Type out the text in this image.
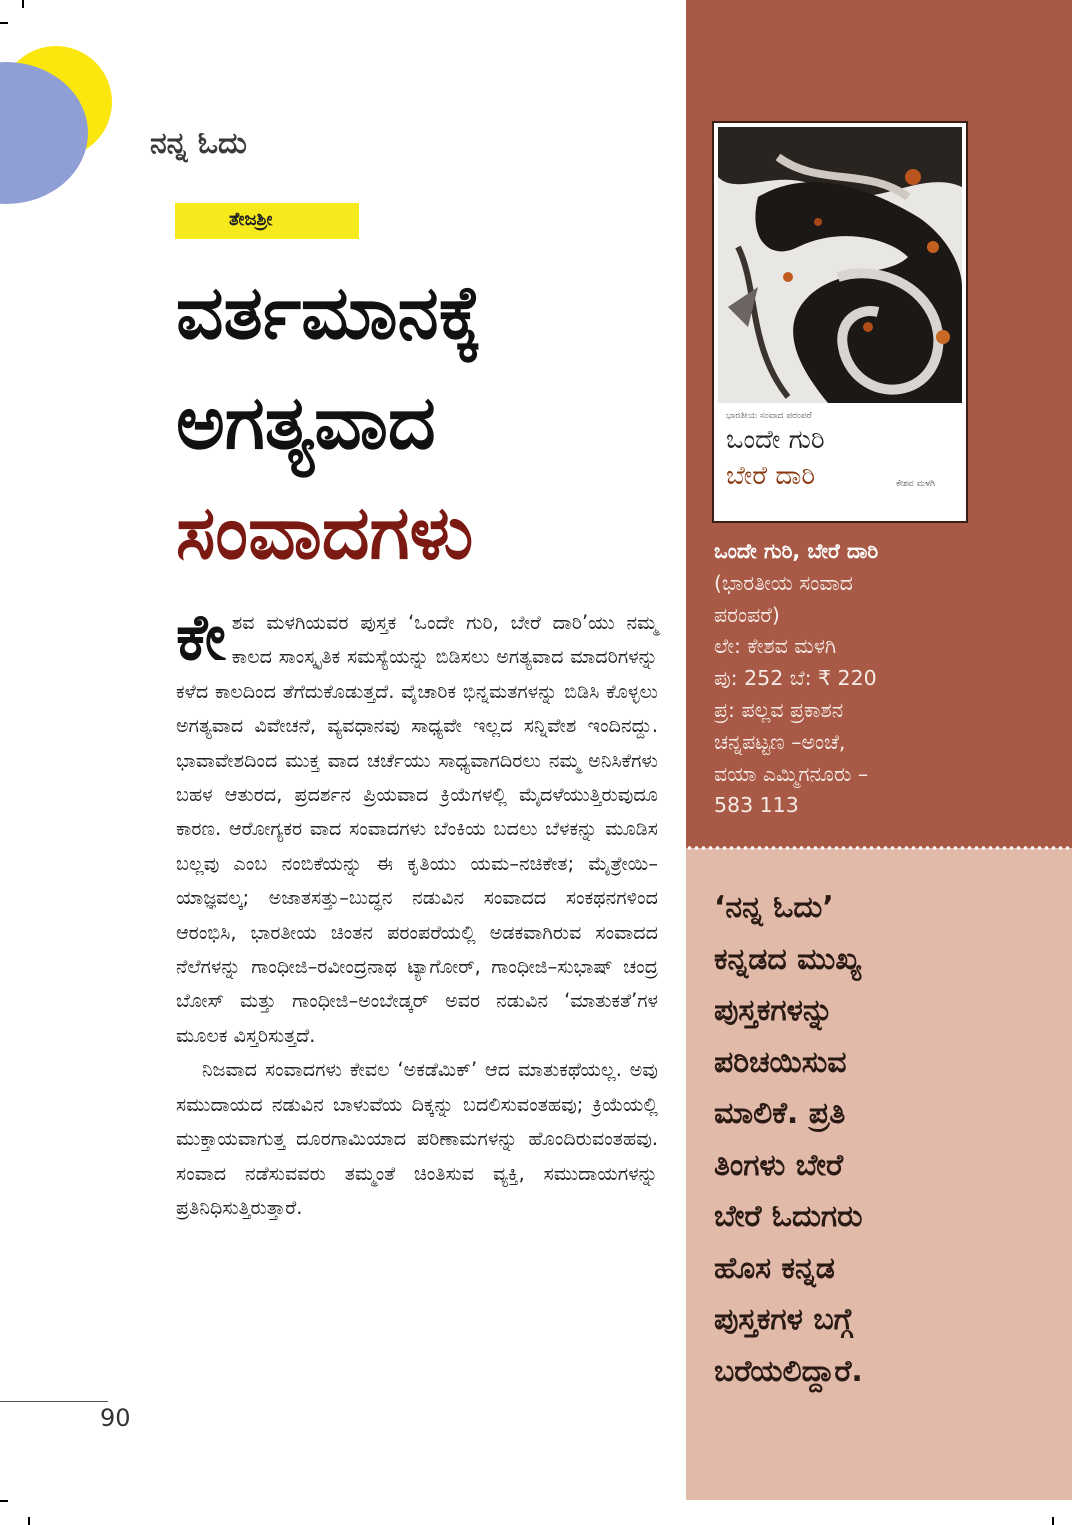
ನನ್ನ ಓದು
ತೇಜಶ್ರೀ
ವರ್ತಮಾನಕ್ಕೆ
ಅಗತ್ಯವಾದ
ಸಂವಾದಗಳು

ಕೇಶವ ಮಳಗಿಯವರ ಪುಸ್ತಕ ‘ಒಂದೇ ಗುರಿ, ಬೇರೆ ದಾರಿ’ಯು ನಮ್ಮ ಕಾಲದ ಸಾಂಸ್ಕೃತಿಕ ಸಮಸ್ಯೆಯನ್ನು ಬಿಡಿಸಲು ಅಗತ್ಯವಾದ ಮಾದರಿಗಳನ್ನು ಕಳೆದ ಕಾಲದಿಂದ ತೆಗೆದುಕೊಡುತ್ತದೆ. ವೈಚಾರಿಕ ಭಿನ್ನಮತಗಳನ್ನು ಬಿಡಿಸಿ ಕೊಳ್ಳಲು ಅಗತ್ಯವಾದ ವಿವೇಚನೆ, ವ್ಯವಧಾನವು ಸಾಧ್ಯವೇ ಇಲ್ಲದ ಸನ್ನಿವೇಶ ಇಂದಿನದ್ದು. ಭಾವಾವೇಶದಿಂದ ಮುಕ್ತ ವಾದ ಚರ್ಚೆಯು ಸಾಧ್ಯವಾಗದಿರಲು ನಮ್ಮ ಅನಿಸಿಕೆಗಳು ಬಹಳ ಆತುರದ, ಪ್ರದರ್ಶನ ಪ್ರಿಯವಾದ ಕ್ರಿಯೆಗಳಲ್ಲಿ ಮೈದಳೆಯುತ್ತಿರುವುದೂ ಕಾರಣ. ಆರೋಗ್ಯಕರ ವಾದ ಸಂವಾದಗಳು ಬೆಂಕಿಯ ಬದಲು ಬೆಳಕನ್ನು ಮೂಡಿಸ ಬಲ್ಲವು ಎಂಬ ನಂಬಿಕೆಯನ್ನು ಈ ಕೃತಿಯು ಯಮ–ನಚಿಕೇತ; ಮೈತ್ರೇಯಿ–ಯಾಜ್ಞವಲ್ಕ; ಅಜಾತಸತ್ತು–ಬುದ್ಧನ ನಡುವಿನ ಸಂವಾದದ ಸಂಕಥನಗಳಿಂದ ಆರಂಭಿಸಿ, ಭಾರತೀಯ ಚಿಂತನ ಪರಂಪರೆಯಲ್ಲಿ ಅಡಕವಾಗಿರುವ ಸಂವಾದದ ನೆಲೆಗಳನ್ನು ಗಾಂಧೀಜಿ–ರವೀಂದ್ರನಾಥ ಟ್ಯಾಗೋರ್, ಗಾಂಧೀಜಿ–ಸುಭಾಷ್ ಚಂದ್ರ ಬೋಸ್ ಮತ್ತು ಗಾಂಧೀಜಿ–ಅಂಬೇಡ್ಕರ್ ಅವರ ನಡುವಿನ ‘ಮಾತುಕತೆ’ಗಳ ಮೂಲಕ ವಿಸ್ತರಿಸುತ್ತದೆ.

ನಿಜವಾದ ಸಂವಾದಗಳು ಕೇವಲ ‘ಅಕಡೆಮಿಕ್’ ಆದ ಮಾತುಕಥೆಯಲ್ಲ. ಅವು ಸಮುದಾಯದ ನಡುವಿನ ಬಾಳುವೆಯ ದಿಕ್ಕನ್ನು ಬದಲಿಸುವಂತಹವು; ಕ್ರಿಯೆಯಲ್ಲಿ ಮುಕ್ತಾಯವಾಗುತ್ತ ದೂರಗಾಮಿಯಾದ ಪರಿಣಾಮಗಳನ್ನು ಹೊಂದಿರುವಂತಹವು. ಸಂವಾದ ನಡೆಸುವವರು ತಮ್ಮಂತೆ ಚಿಂತಿಸುವ ವ್ಯಕ್ತಿ, ಸಮುದಾಯಗಳನ್ನು ಪ್ರತಿನಿಧಿಸುತ್ತಿರುತ್ತಾರೆ.

90
ಭಾರತೀಯ ಸಂವಾದ ಪರಂಪರೆ
ಒಂದೇ ಗುರಿ
ಬೇರೆ ದಾರಿ	ಕೇಶವ ಮಳಗಿ
ಒಂದೇ ಗುರಿ, ಬೇರೆ ದಾರಿ
(ಭಾರತೀಯ ಸಂವಾದ
ಪರಂಪರೆ)
ಲೇ: ಕೇಶವ ಮಳಗಿ
ಪು: 252 ಬೆ: ₹ 220
ಪ್ರ: ಪಲ್ಲವ ಪ್ರಕಾಶನ
ಚನ್ನಪಟ್ಟಣ –ಅಂಚೆ,
ವಯಾ ಎಮ್ಮಿಗನೂರು –
583 113
‘ನನ್ನ ಓದು’
ಕನ್ನಡದ ಮುಖ್ಯ
ಪುಸ್ತಕಗಳನ್ನು
ಪರಿಚಯಿಸುವ
ಮಾಲಿಕೆ. ಪ್ರತಿ
ತಿಂಗಳು ಬೇರೆ
ಬೇರೆ ಓದುಗರು
ಹೊಸ ಕನ್ನಡ
ಪುಸ್ತಕಗಳ ಬಗ್ಗೆ
ಬರೆಯಲಿದ್ದಾರೆ.
